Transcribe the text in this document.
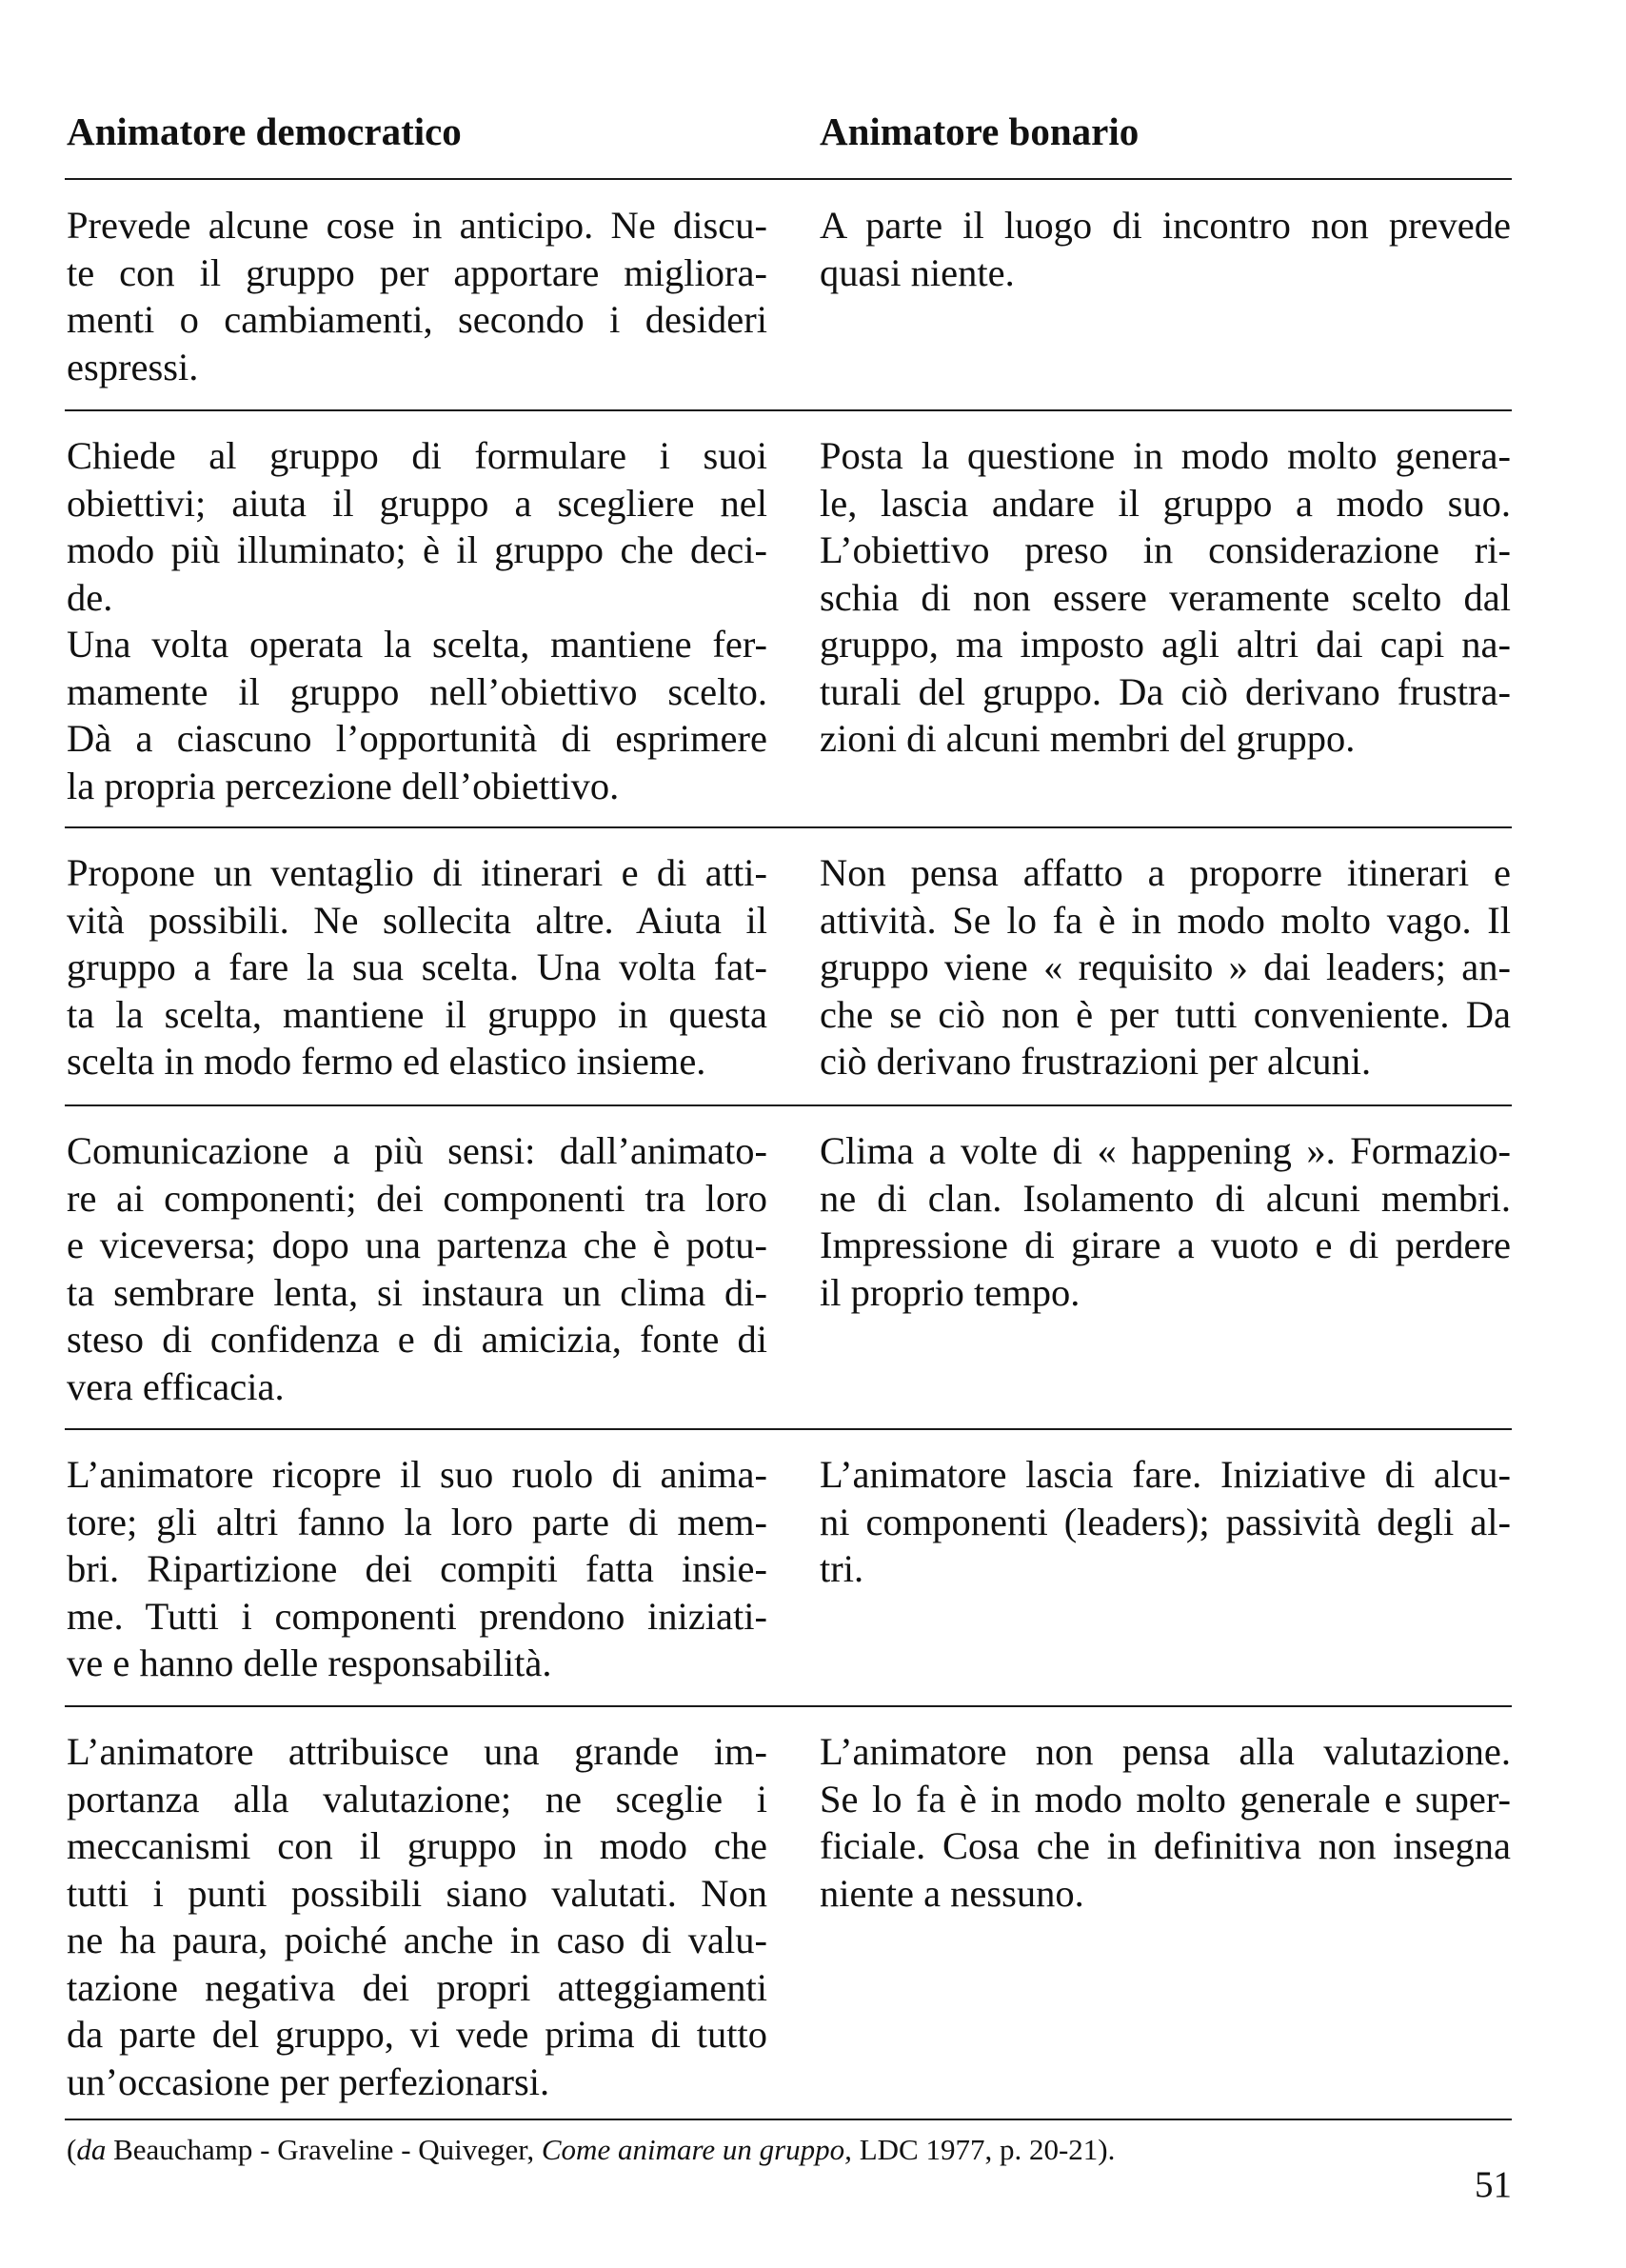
Animatore democratico	Animatore bonario
Prevede alcune cose in anticipo. Ne discu-
te con il gruppo per apportare migliora-
menti o cambiamenti, secondo i desideri
espressi.
A parte il luogo di incontro non prevede
quasi niente.
Chiede al gruppo di formulare i suoi
obiettivi; aiuta il gruppo a scegliere nel
modo più illuminato; è il gruppo che deci-
de.
Una volta operata la scelta, mantiene fer-
mamente il gruppo nell’obiettivo scelto.
Dà a ciascuno l’opportunità di esprimere
la propria percezione dell’obiettivo.
Posta la questione in modo molto genera-
le, lascia andare il gruppo a modo suo.
L’obiettivo preso in considerazione ri-
schia di non essere veramente scelto dal
gruppo, ma imposto agli altri dai capi na-
turali del gruppo. Da ciò derivano frustra-
zioni di alcuni membri del gruppo.
Propone un ventaglio di itinerari e di atti-
vità possibili. Ne sollecita altre. Aiuta il
gruppo a fare la sua scelta. Una volta fat-
ta la scelta, mantiene il gruppo in questa
scelta in modo fermo ed elastico insieme.
Non pensa affatto a proporre itinerari e
attività. Se lo fa è in modo molto vago. Il
gruppo viene « requisito » dai leaders; an-
che se ciò non è per tutti conveniente. Da
ciò derivano frustrazioni per alcuni.
Comunicazione a più sensi: dall’animato-
re ai componenti; dei componenti tra loro
e viceversa; dopo una partenza che è potu-
ta sembrare lenta, si instaura un clima di-
steso di confidenza e di amicizia, fonte di
vera efficacia.
Clima a volte di « happening ». Formazio-
ne di clan. Isolamento di alcuni membri.
Impressione di girare a vuoto e di perdere
il proprio tempo.
L’animatore ricopre il suo ruolo di anima-
tore; gli altri fanno la loro parte di mem-
bri. Ripartizione dei compiti fatta insie-
me. Tutti i componenti prendono iniziati-
ve e hanno delle responsabilità.
L’animatore lascia fare. Iniziative di alcu-
ni componenti (leaders); passività degli al-
tri.
L’animatore attribuisce una grande im-
portanza alla valutazione; ne sceglie i
meccanismi con il gruppo in modo che
tutti i punti possibili siano valutati. Non
ne ha paura, poiché anche in caso di valu-
tazione negativa dei propri atteggiamenti
da parte del gruppo, vi vede prima di tutto
un’occasione per perfezionarsi.
L’animatore non pensa alla valutazione.
Se lo fa è in modo molto generale e super-
ficiale. Cosa che in definitiva non insegna
niente a nessuno.
(da Beauchamp - Graveline - Quiveger, Come animare un gruppo, LDC 1977, p. 20-21).
51
